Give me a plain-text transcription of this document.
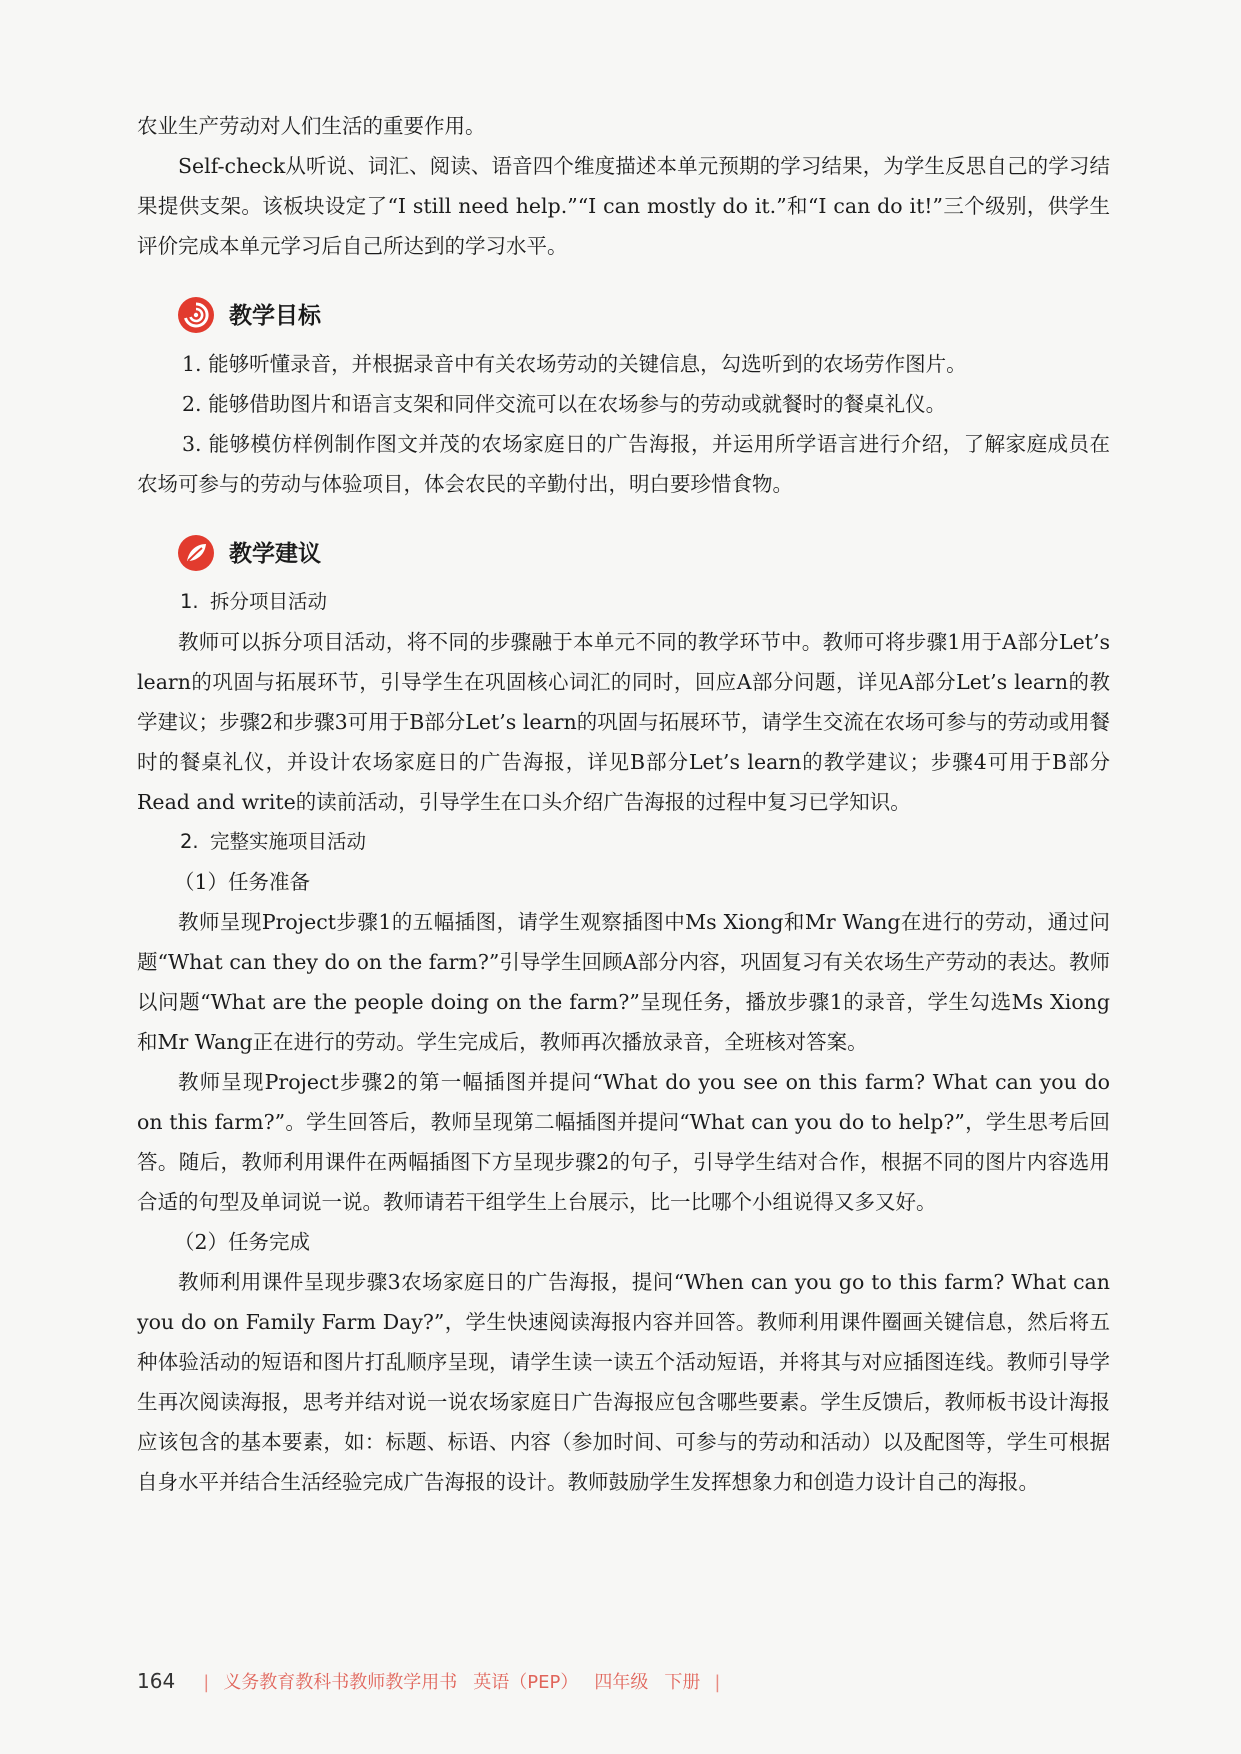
农业生产劳动对人们生活的重要作用。

Self-check从听说、词汇、阅读、语音四个维度描述本单元预期的学习结果，为学生反思自己的学习结果提供支架。该板块设定了“I still need help.”“I can mostly do it.”和“I can do it!”三个级别，供学生评价完成本单元学习后自己所达到的学习水平。

教学目标

1. 能够听懂录音，并根据录音中有关农场劳动的关键信息，勾选听到的农场劳作图片。

2. 能够借助图片和语言支架和同伴交流可以在农场参与的劳动或就餐时的餐桌礼仪。

3. 能够模仿样例制作图文并茂的农场家庭日的广告海报，并运用所学语言进行介绍，了解家庭成员在农场可参与的劳动与体验项目，体会农民的辛勤付出，明白要珍惜食物。

教学建议

1. 拆分项目活动

教师可以拆分项目活动，将不同的步骤融于本单元不同的教学环节中。教师可将步骤1用于A部分Let’s learn的巩固与拓展环节，引导学生在巩固核心词汇的同时，回应A部分问题，详见A部分Let’s learn的教学建议；步骤2和步骤3可用于B部分Let’s learn的巩固与拓展环节，请学生交流在农场可参与的劳动或用餐时的餐桌礼仪，并设计农场家庭日的广告海报，详见B部分Let’s learn的教学建议；步骤4可用于B部分Read and write的读前活动，引导学生在口头介绍广告海报的过程中复习已学知识。

2. 完整实施项目活动

（1）任务准备

教师呈现Project步骤1的五幅插图，请学生观察插图中Ms Xiong和Mr Wang在进行的劳动，通过问题“What can they do on the farm?”引导学生回顾A部分内容，巩固复习有关农场生产劳动的表达。教师以问题“What are the people doing on the farm?”呈现任务，播放步骤1的录音，学生勾选Ms Xiong和Mr Wang正在进行的劳动。学生完成后，教师再次播放录音，全班核对答案。

教师呈现Project步骤2的第一幅插图并提问“What do you see on this farm? What can you do on this farm?”。学生回答后，教师呈现第二幅插图并提问“What can you do to help?”，学生思考后回答。随后，教师利用课件在两幅插图下方呈现步骤2的句子，引导学生结对合作，根据不同的图片内容选用合适的句型及单词说一说。教师请若干组学生上台展示，比一比哪个小组说得又多又好。

（2）任务完成

教师利用课件呈现步骤3农场家庭日的广告海报，提问“When can you go to this farm? What can you do on Family Farm Day?”，学生快速阅读海报内容并回答。教师利用课件圈画关键信息，然后将五种体验活动的短语和图片打乱顺序呈现，请学生读一读五个活动短语，并将其与对应插图连线。教师引导学生再次阅读海报，思考并结对说一说农场家庭日广告海报应包含哪些要素。学生反馈后，教师板书设计海报应该包含的基本要素，如：标题、标语、内容（参加时间、可参与的劳动和活动）以及配图等，学生可根据自身水平并结合生活经验完成广告海报的设计。教师鼓励学生发挥想象力和创造力设计自己的海报。

164 | 义务教育教科书教师教学用书 英语（PEP） 四年级 下册 |
